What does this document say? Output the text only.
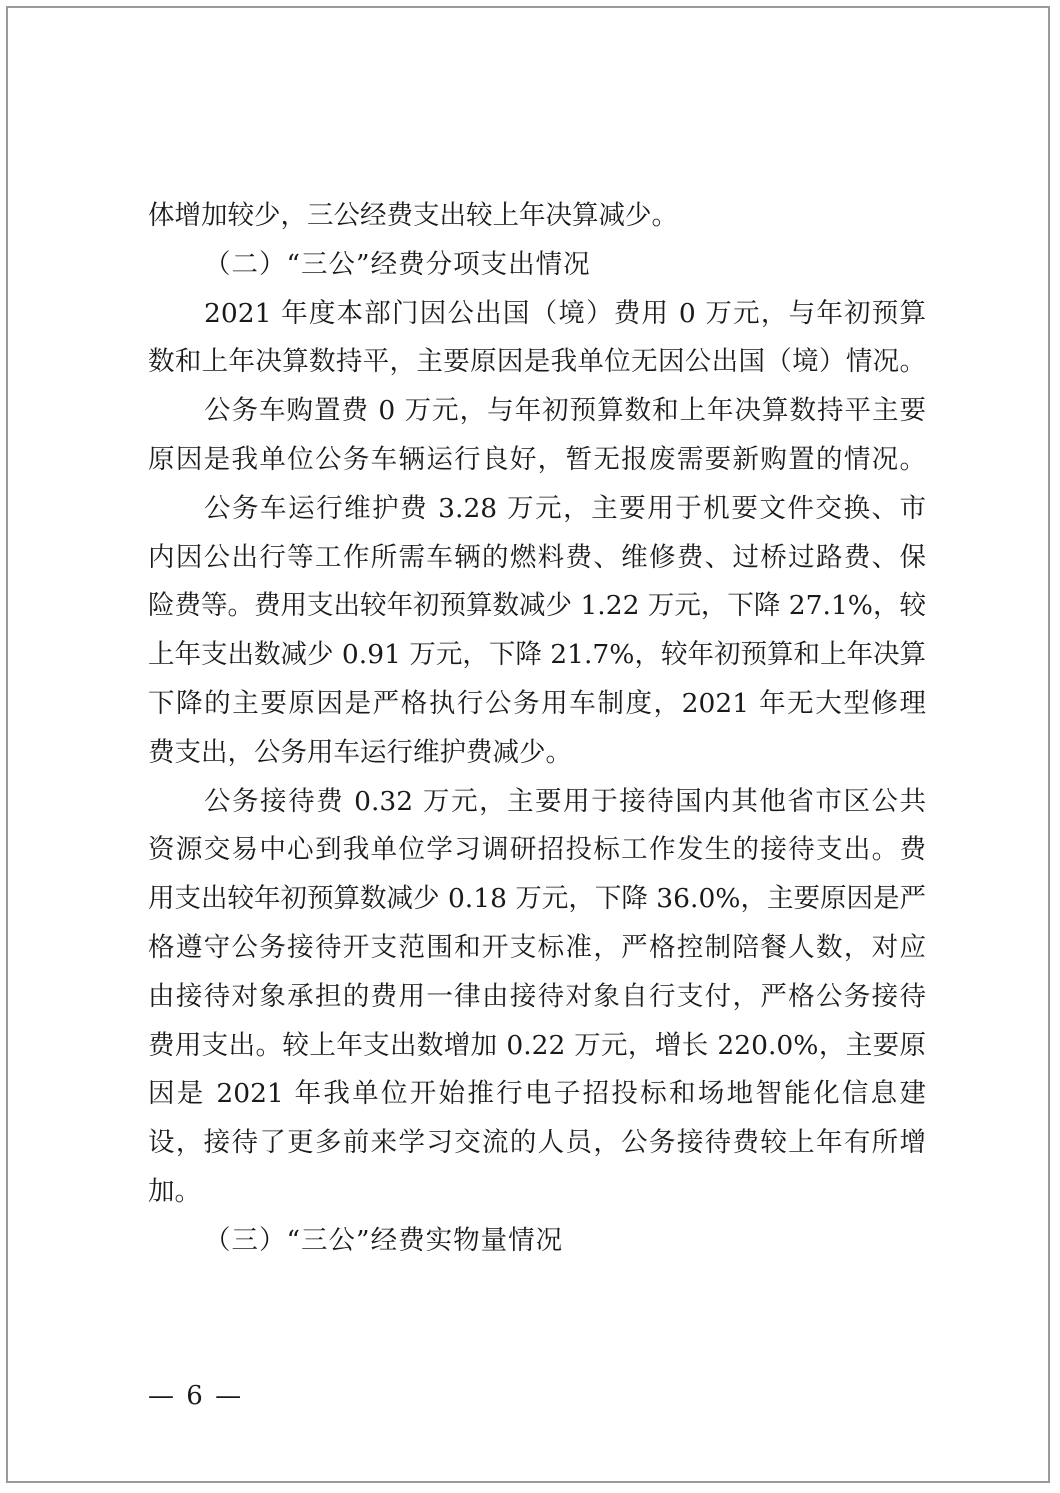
体增加较少，三公经费支出较上年决算减少。
（二）“三公”经费分项支出情况
2021 年度本部门因公出国（境）费用 0 万元，与年初预算
数和上年决算数持平，主要原因是我单位无因公出国（境）情况。
公务车购置费 0 万元，与年初预算数和上年决算数持平主要
原因是我单位公务车辆运行良好，暂无报废需要新购置的情况。
公务车运行维护费 3.28 万元，主要用于机要文件交换、市
内因公出行等工作所需车辆的燃料费、维修费、过桥过路费、保
险费等。费用支出较年初预算数减少 1.22 万元，下降 27.1%，较
上年支出数减少 0.91 万元，下降 21.7%，较年初预算和上年决算
下降的主要原因是严格执行公务用车制度，2021 年无大型修理
费支出，公务用车运行维护费减少。
公务接待费 0.32 万元，主要用于接待国内其他省市区公共
资源交易中心到我单位学习调研招投标工作发生的接待支出。费
用支出较年初预算数减少 0.18 万元，下降 36.0%，主要原因是严
格遵守公务接待开支范围和开支标准，严格控制陪餐人数，对应
由接待对象承担的费用一律由接待对象自行支付，严格公务接待
费用支出。较上年支出数增加 0.22 万元，增长 220.0%，主要原
因是 2021 年我单位开始推行电子招投标和场地智能化信息建
设，接待了更多前来学习交流的人员，公务接待费较上年有所增
加。
（三）“三公”经费实物量情况
— 6 —
